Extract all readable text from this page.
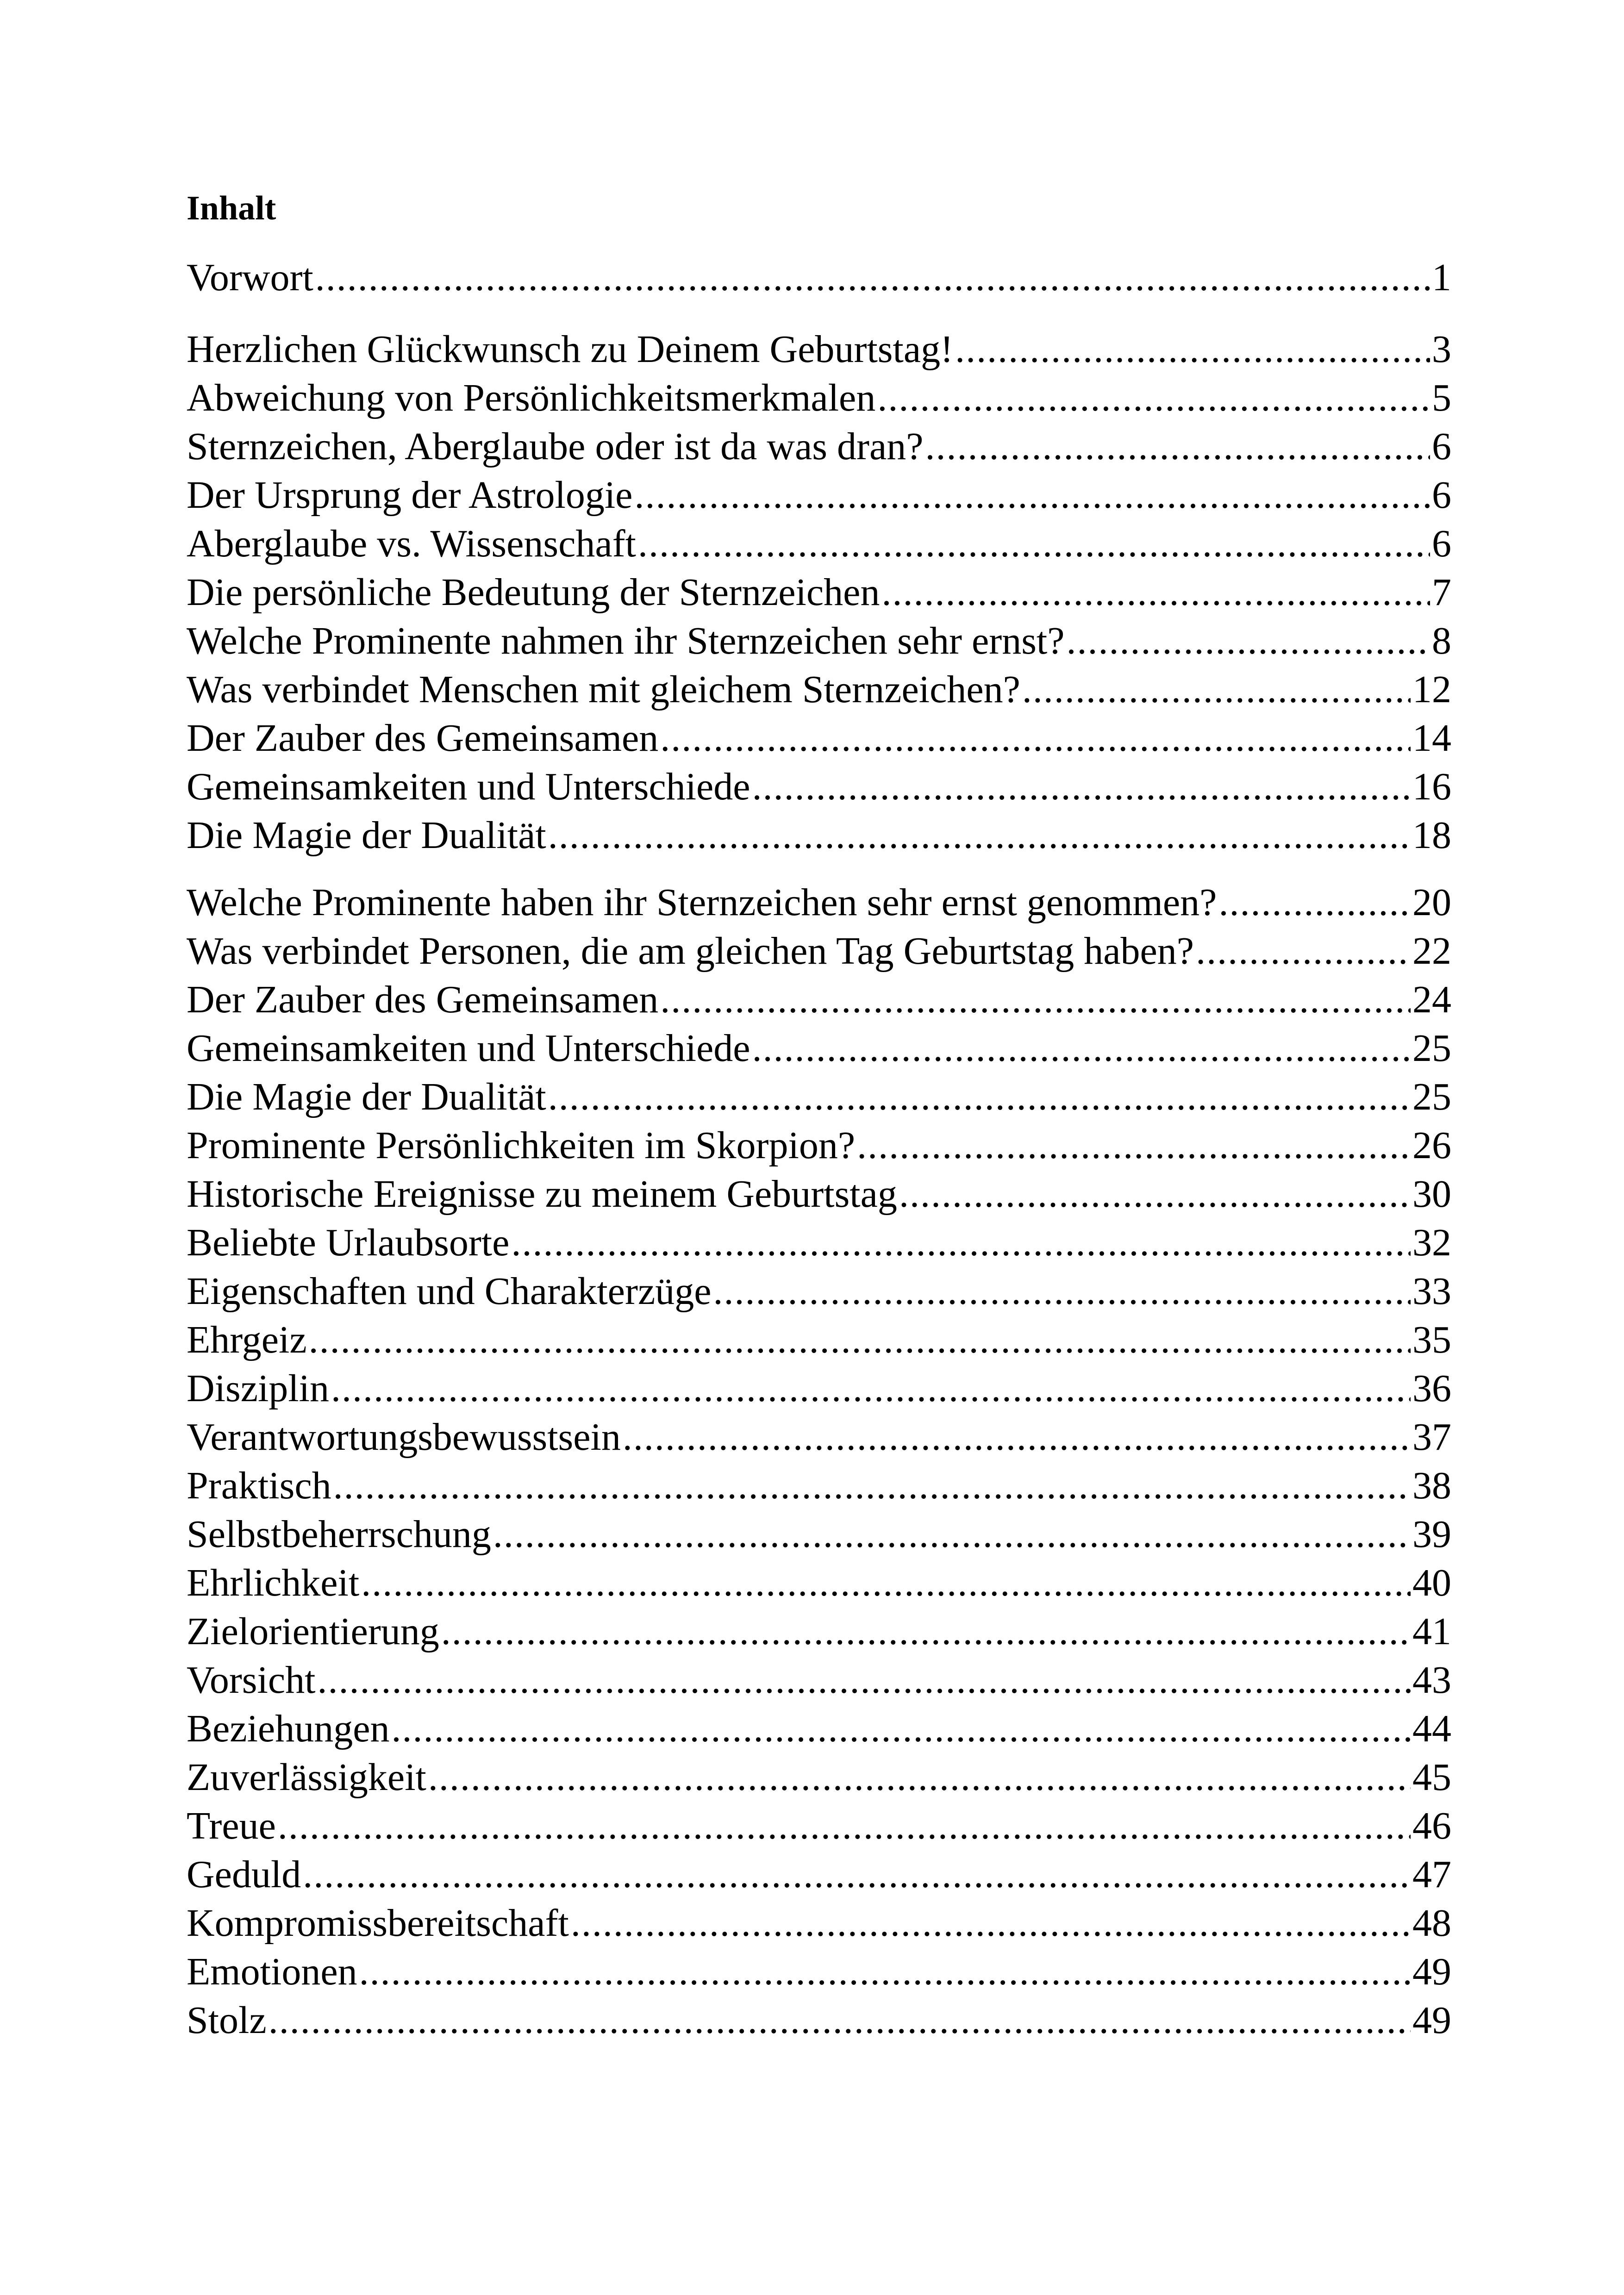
Inhalt
Vorwort .....	1
Herzlichen Glückwunsch zu Deinem Geburtstag! .....	3
Abweichung von Persönlichkeitsmerkmalen .....	5
Sternzeichen, Aberglaube oder ist da was dran? .....	6
Der Ursprung der Astrologie .....	6
Aberglaube vs. Wissenschaft .....	6
Die persönliche Bedeutung der Sternzeichen .....	7
Welche Prominente nahmen ihr Sternzeichen sehr ernst? .....	8
Was verbindet Menschen mit gleichem Sternzeichen? .....	12
Der Zauber des Gemeinsamen .....	14
Gemeinsamkeiten und Unterschiede .....	16
Die Magie der Dualität .....	18
Welche Prominente haben ihr Sternzeichen sehr ernst genommen? .....	20
Was verbindet Personen, die am gleichen Tag Geburtstag haben? .....	22
Der Zauber des Gemeinsamen .....	24
Gemeinsamkeiten und Unterschiede .....	25
Die Magie der Dualität .....	25
Prominente Persönlichkeiten im Skorpion? .....	26
Historische Ereignisse zu meinem Geburtstag .....	30
Beliebte Urlaubsorte .....	32
Eigenschaften und Charakterzüge .....	33
Ehrgeiz .....	35
Disziplin .....	36
Verantwortungsbewusstsein .....	37
Praktisch .....	38
Selbstbeherrschung .....	39
Ehrlichkeit .....	40
Zielorientierung .....	41
Vorsicht .....	43
Beziehungen .....	44
Zuverlässigkeit .....	45
Treue .....	46
Geduld .....	47
Kompromissbereitschaft .....	48
Emotionen .....	49
Stolz .....	49
